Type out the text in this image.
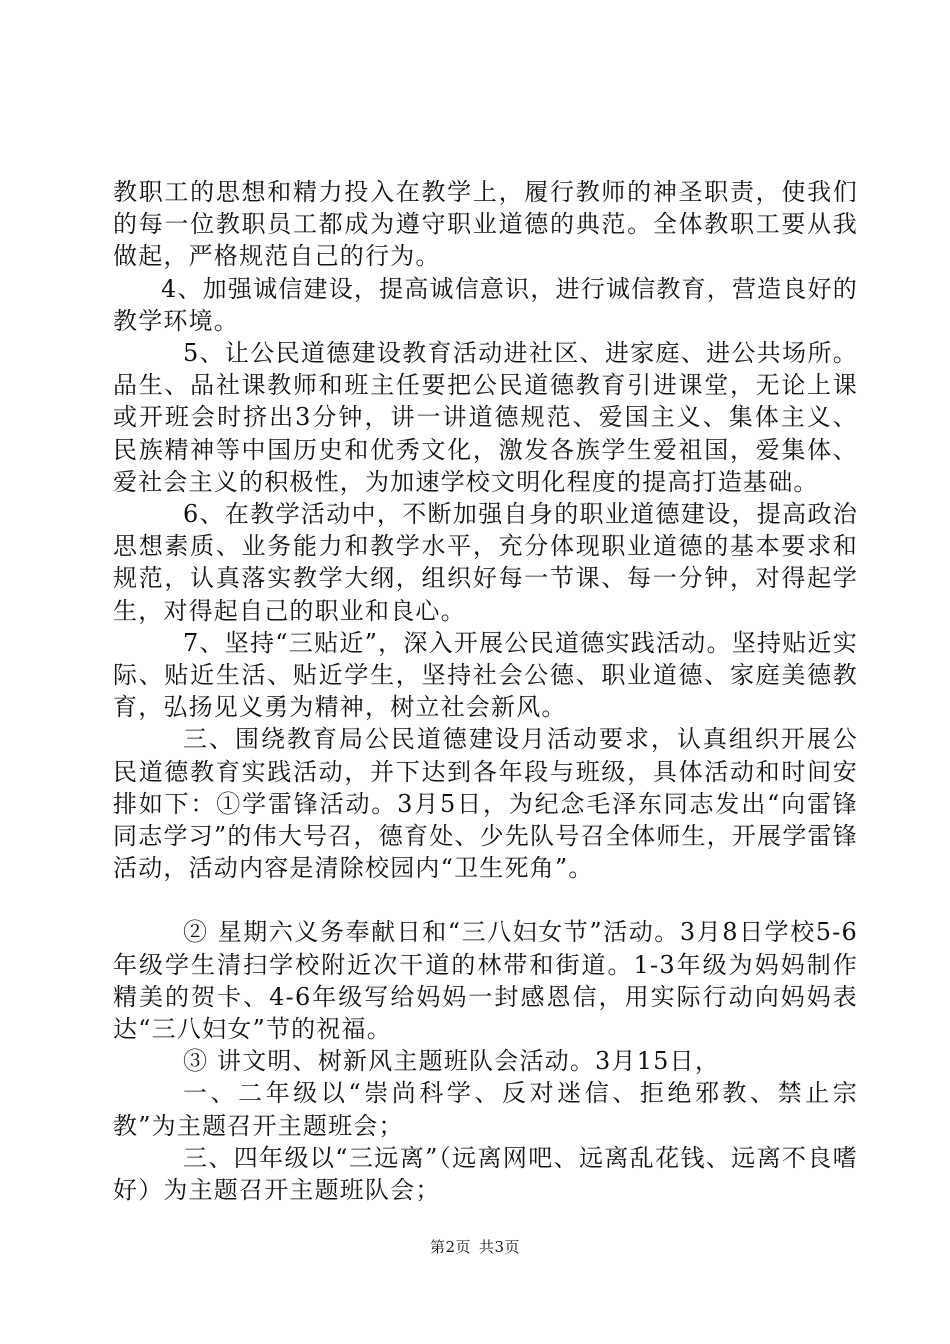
教职工的思想和精力投入在教学上，履行教师的神圣职责，使我们的每一位教职员工都成为遵守职业道德的典范。全体教职工要从我做起，严格规范自己的行为。

4、加强诚信建设，提高诚信意识，进行诚信教育，营造良好的教学环境。

5、让公民道德建设教育活动进社区、进家庭、进公共场所。品生、品社课教师和班主任要把公民道德教育引进课堂，无论上课或开班会时挤出3分钟，讲一讲道德规范、爱国主义、集体主义、民族精神等中国历史和优秀文化，激发各族学生爱祖国，爱集体、爱社会主义的积极性，为加速学校文明化程度的提高打造基础。

6、在教学活动中，不断加强自身的职业道德建设，提高政治思想素质、业务能力和教学水平，充分体现职业道德的基本要求和规范，认真落实教学大纲，组织好每一节课、每一分钟，对得起学生，对得起自己的职业和良心。

7、坚持“三贴近”，深入开展公民道德实践活动。坚持贴近实际、贴近生活、贴近学生，坚持社会公德、职业道德、家庭美德教育，弘扬见义勇为精神，树立社会新风。

三、围绕教育局公民道德建设月活动要求，认真组织开展公民道德教育实践活动，并下达到各年段与班级，具体活动和时间安排如下：①学雷锋活动。3月5日，为纪念毛泽东同志发出“向雷锋同志学习”的伟大号召，德育处、少先队号召全体师生，开展学雷锋活动，活动内容是清除校园内“卫生死角”。

② 星期六义务奉献日和“三八妇女节”活动。3月8日学校5-6年级学生清扫学校附近次干道的林带和街道。1-3年级为妈妈制作精美的贺卡、4-6年级写给妈妈一封感恩信，用实际行动向妈妈表达“三八妇女”节的祝福。

③ 讲文明、树新风主题班队会活动。3月15日，

一、二年级以“崇尚科学、反对迷信、拒绝邪教、禁止宗教”为主题召开主题班会；

三、四年级以“三远离”（远离网吧、远离乱花钱、远离不良嗜好）为主题召开主题班队会；

第2页 共3页
